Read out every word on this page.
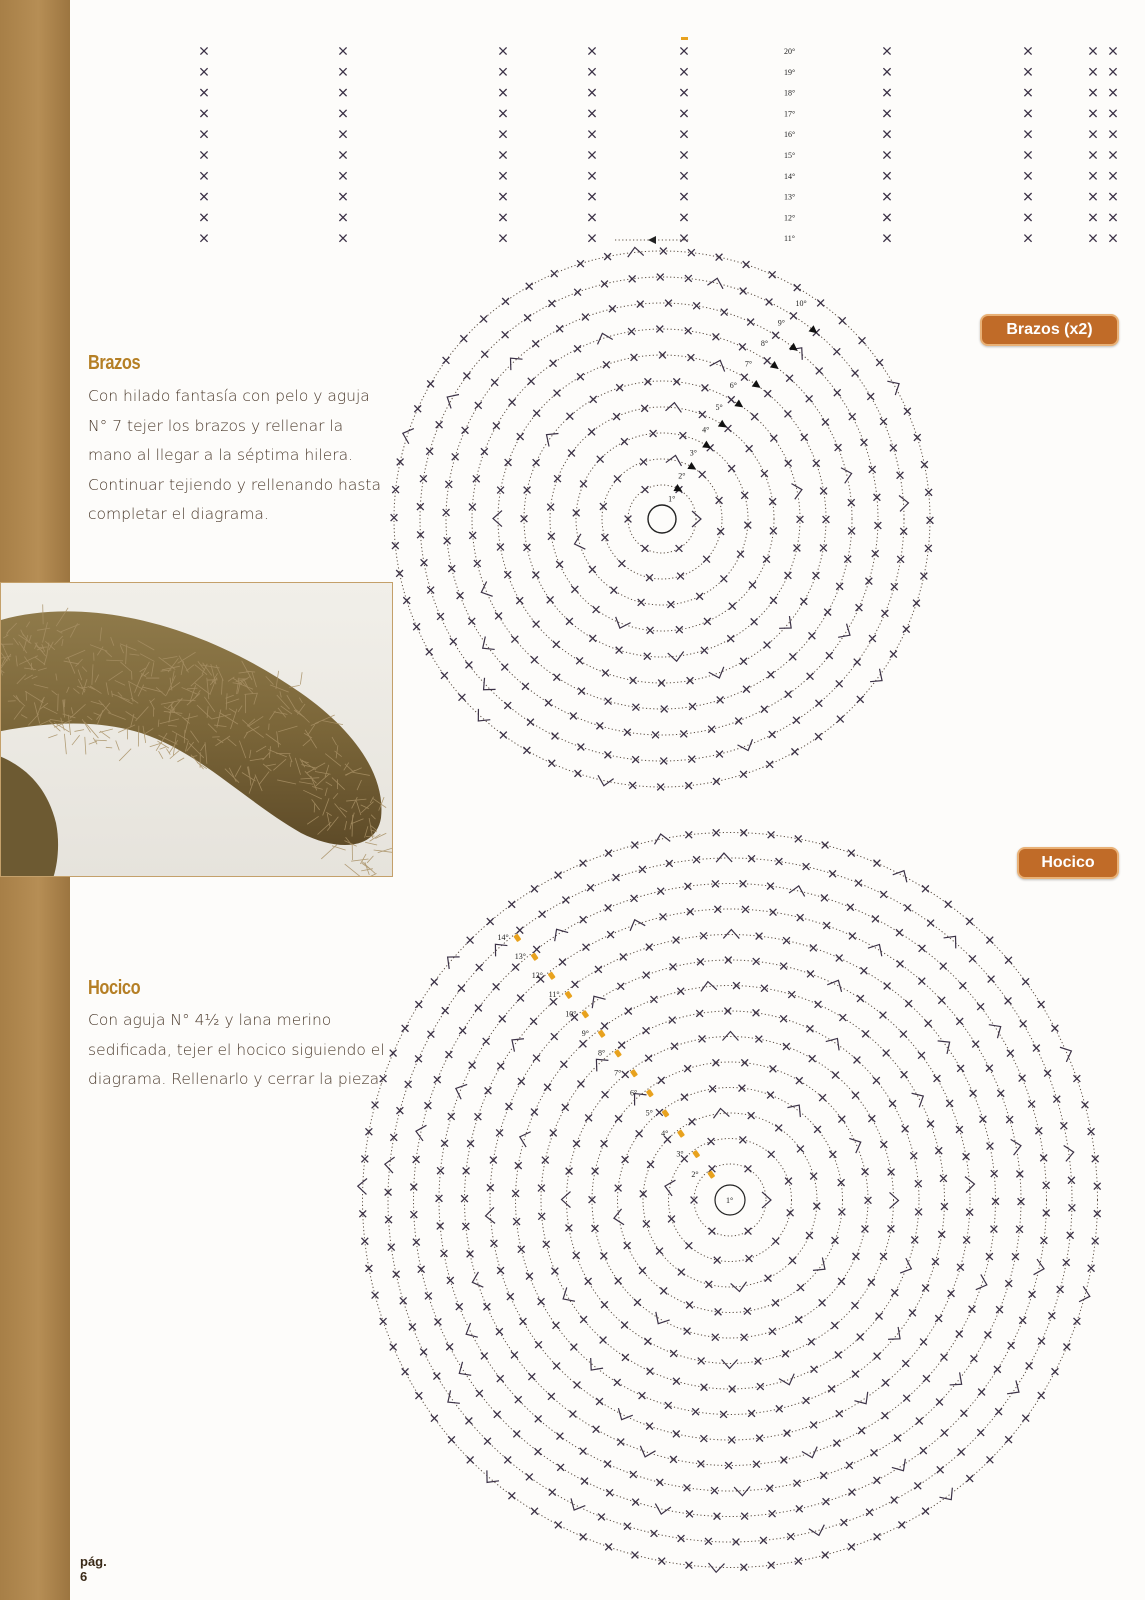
20°
19°
18°
17°
16°
15°
14°
13°
12°
11°
1°
2°
3°
4°
5°
6°
7°
8°
9°
10°
1°
2°
3°
4°
5°
6°
7°
8°
9°
10°
11°
12°
13°
14°
Brazos (x2)
Hocico
Brazos
Con hilado fantasía con pelo y aguja N° 7 tejer los brazos y rellenar la mano al llegar a la séptima hilera. Continuar tejiendo y rellenando hasta completar el diagrama.
Hocico
Con aguja N° 4½ y lana merino sedificada, tejer el hocico siguiendo el diagrama. Rellenarlo y cerrar la pieza.
pág.
6
